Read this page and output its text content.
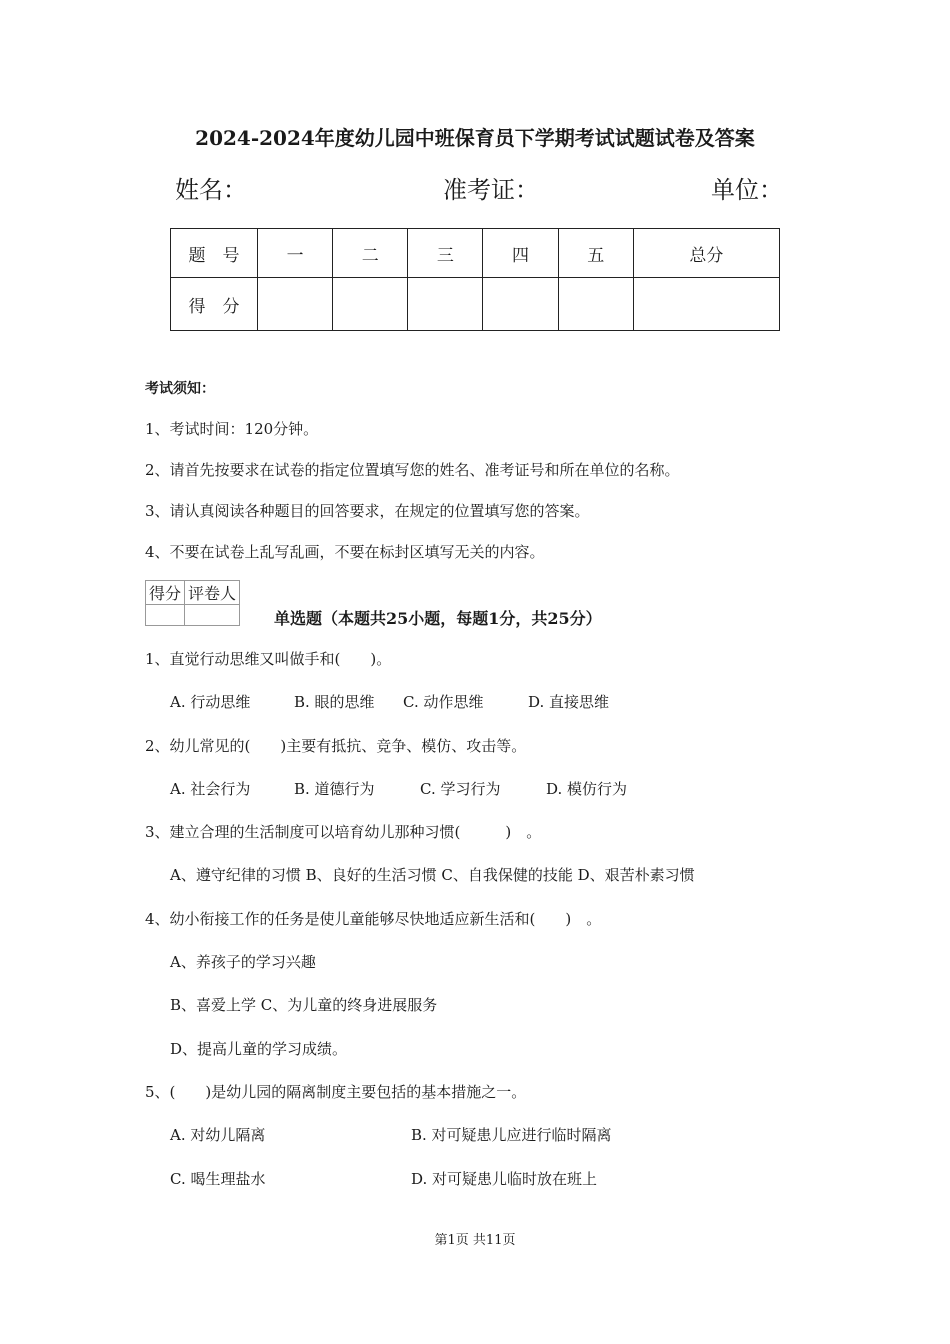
2024-2024年度幼儿园中班保育员下学期考试试题试卷及答案
姓名：	准考证：	单位：
题　号	一	二	三	四	五	总分
得　分						
考试须知：
1、考试时间：120分钟。
2、请首先按要求在试卷的指定位置填写您的姓名、准考证号和所在单位的名称。
3、请认真阅读各种题目的回答要求，在规定的位置填写您的答案。
4、不要在试卷上乱写乱画，不要在标封区填写无关的内容。
得分	评卷人

单选题（本题共25小题，每题1分，共25分）
1、直觉行动思维又叫做手和(　　)。
A. 行动思维	B. 眼的思维 C. 动作思维	D. 直接思维
2、幼儿常见的(　　)主要有抵抗、竞争、模仿、攻击等。
A. 社会行为	B. 道德行为	C. 学习行为	D. 模仿行为
3、建立合理的生活制度可以培育幼儿那种习惯(　　　)　。
A、遵守纪律的习惯 B、良好的生活习惯 C、自我保健的技能 D、艰苦朴素习惯
4、幼小衔接工作的任务是使儿童能够尽快地适应新生活和(　　)　。
A、养孩子的学习兴趣
B、喜爱上学 C、为儿童的终身进展服务
D、提高儿童的学习成绩。
5、(　　)是幼儿园的隔离制度主要包括的基本措施之一。
A. 对幼儿隔离	B. 对可疑患儿应进行临时隔离
C. 喝生理盐水	D. 对可疑患儿临时放在班上
第1页 共11页
